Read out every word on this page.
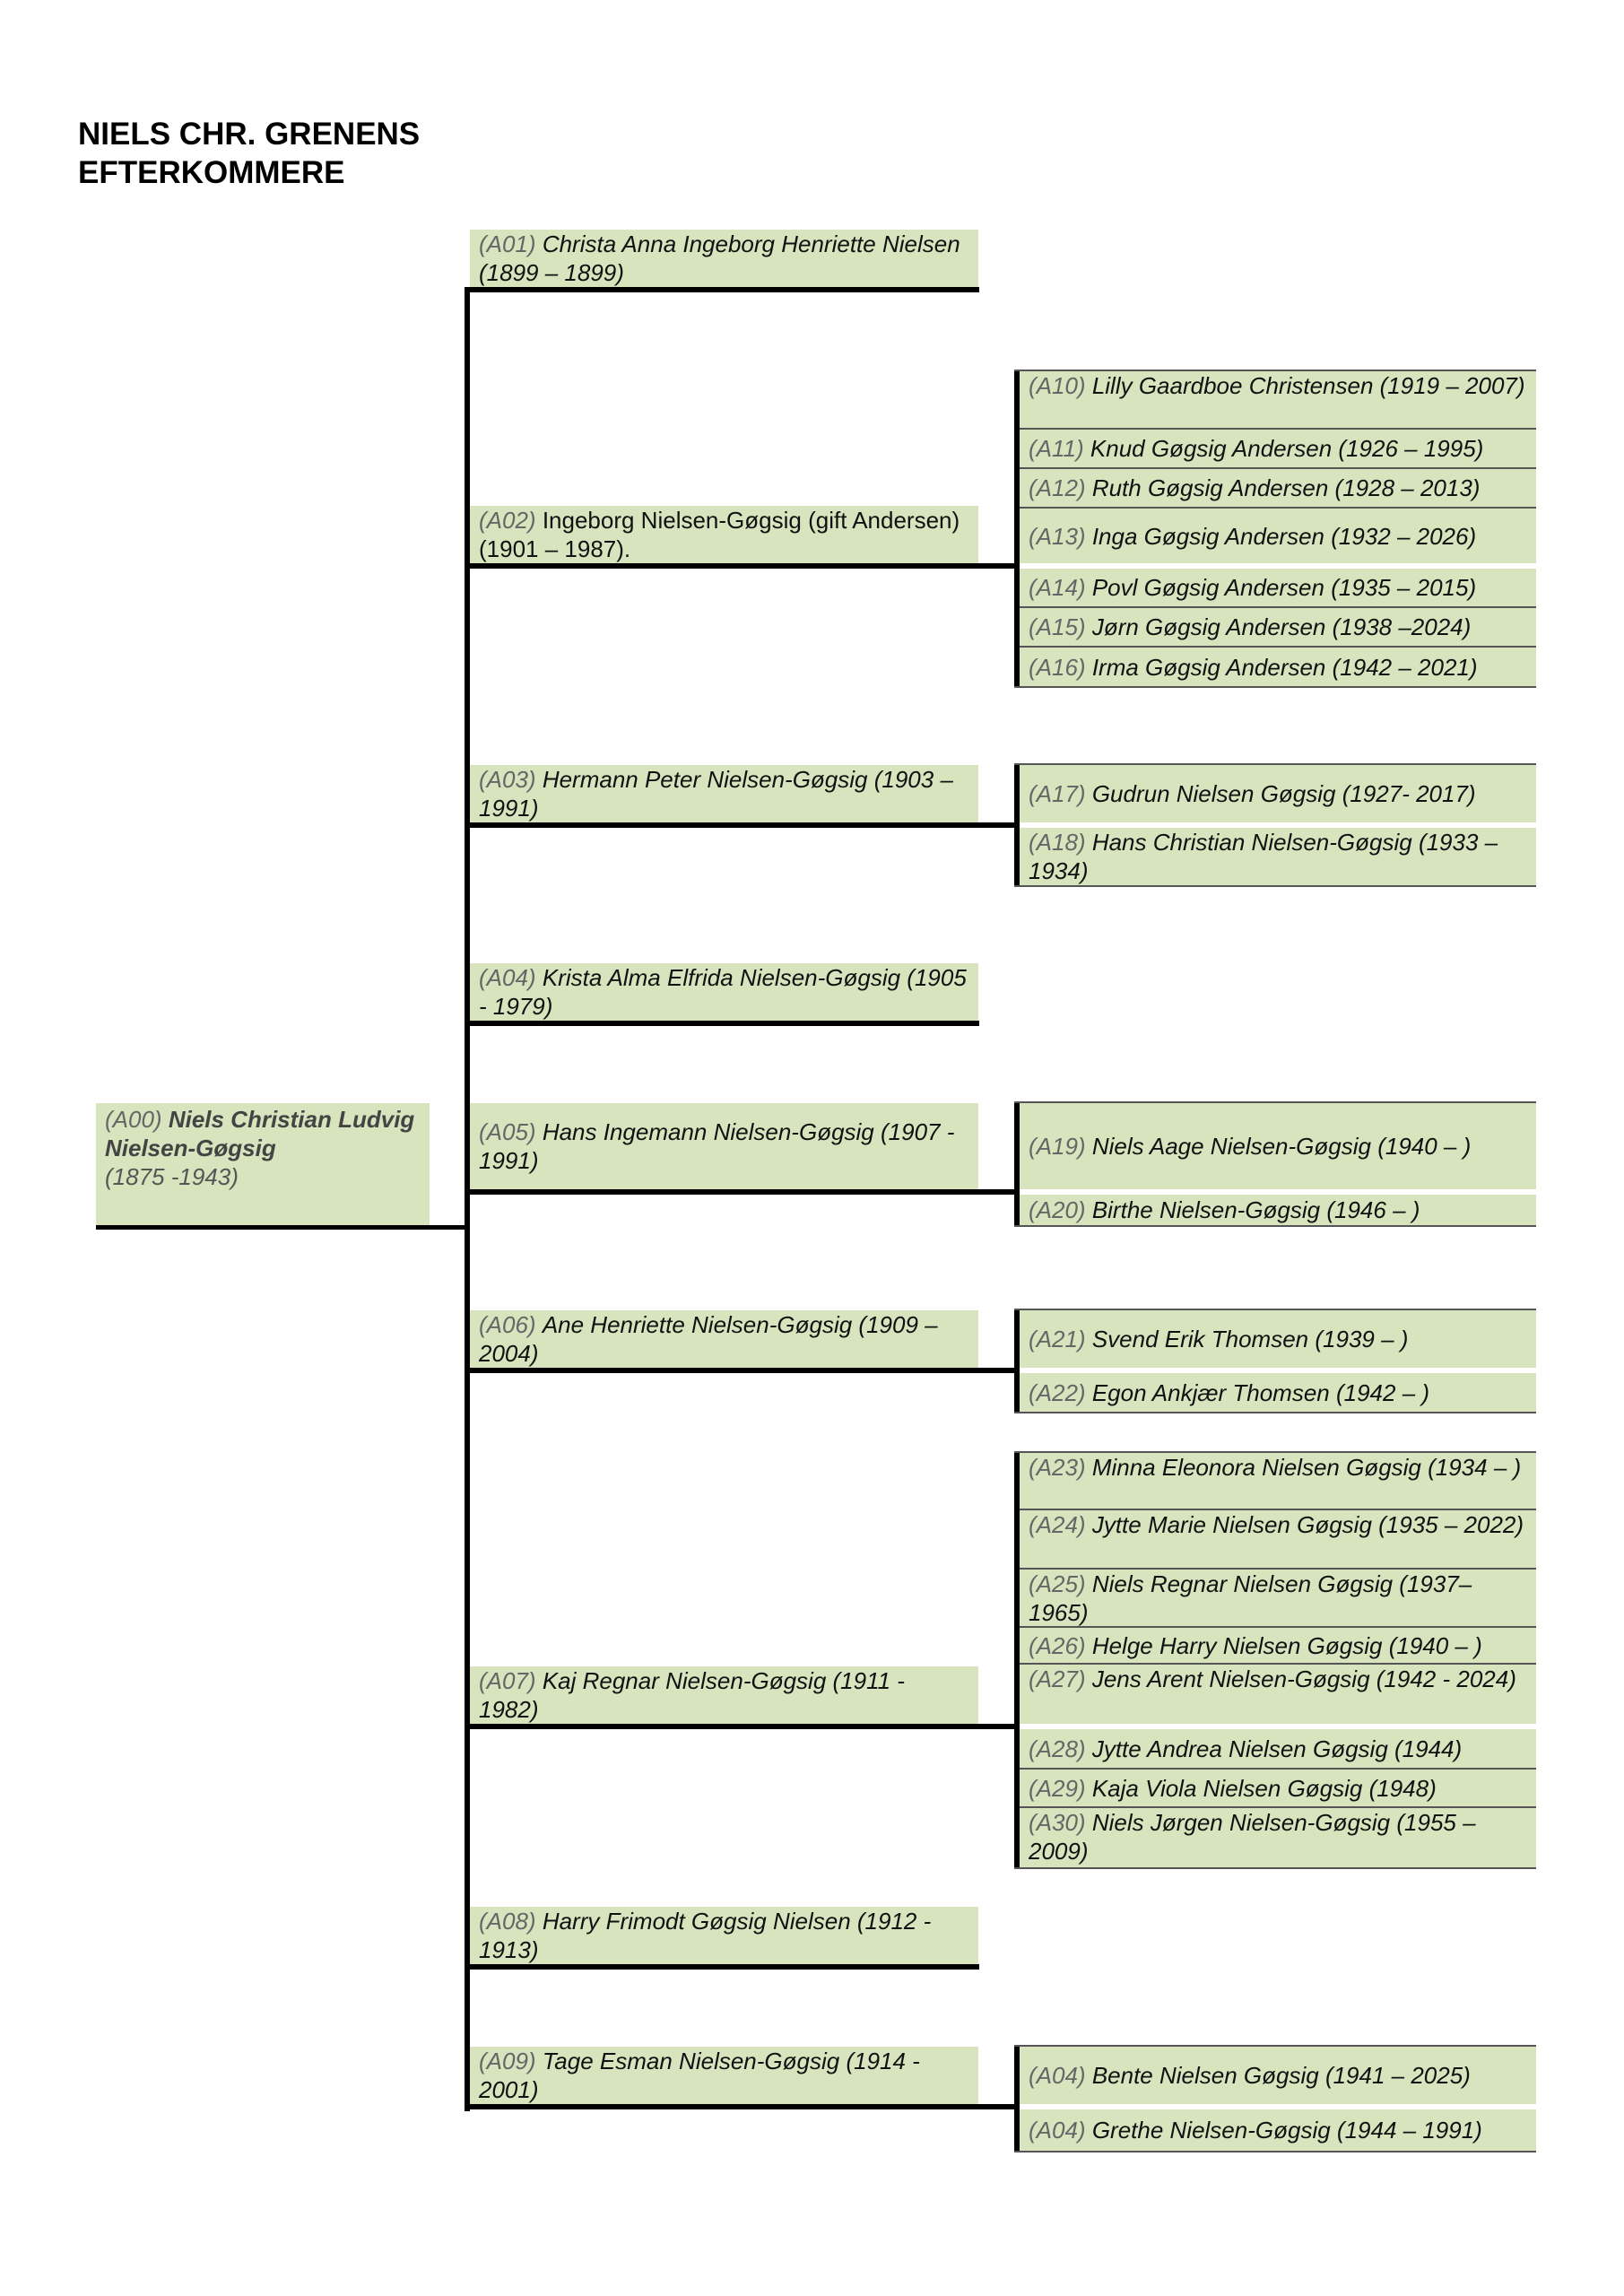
NIELS CHR. GRENENS
EFTERKOMMERE
(A00) Niels Christian Ludvig Nielsen-Gøgsig
(1875 -1943)
(A01) Christa Anna Ingeborg Henriette Nielsen (1899 – 1899)
(A02) Ingeborg Nielsen-Gøgsig (gift Andersen) (1901 – 1987).
(A03) Hermann Peter Nielsen-Gøgsig (1903 – 1991)
(A04) Krista Alma Elfrida Nielsen-Gøgsig (1905 - 1979)
(A05) Hans Ingemann Nielsen-Gøgsig (1907 - 1991)
(A06) Ane Henriette Nielsen-Gøgsig (1909 – 2004)
(A07) Kaj Regnar Nielsen-Gøgsig (1911 - 1982)
(A08) Harry Frimodt Gøgsig Nielsen (1912 - 1913)
(A09) Tage Esman Nielsen-Gøgsig (1914 - 2001)
(A10) Lilly Gaardboe Christensen (1919 – 2007)
(A11) Knud Gøgsig Andersen (1926 – 1995)
(A12) Ruth Gøgsig Andersen (1928 – 2013)
(A13) Inga Gøgsig Andersen (1932 – 2026)
(A14) Povl Gøgsig Andersen (1935 – 2015)
(A15) Jørn Gøgsig Andersen (1938 –2024)
(A16) Irma Gøgsig Andersen (1942 – 2021)
(A17) Gudrun Nielsen Gøgsig (1927- 2017)
(A18) Hans Christian Nielsen-Gøgsig (1933 – 1934)
(A19) Niels Aage Nielsen-Gøgsig (1940 – )
(A20) Birthe Nielsen-Gøgsig (1946 – )
(A21) Svend Erik Thomsen (1939 – )
(A22) Egon Ankjær Thomsen (1942 – )
(A23) Minna Eleonora Nielsen Gøgsig (1934 – )
(A24) Jytte Marie Nielsen Gøgsig (1935 – 2022)
(A25) Niels Regnar Nielsen Gøgsig (1937– 1965)
(A26) Helge Harry Nielsen Gøgsig (1940 – )
(A27) Jens Arent Nielsen-Gøgsig (1942 - 2024)
(A28) Jytte Andrea Nielsen Gøgsig (1944)
(A29) Kaja Viola Nielsen Gøgsig (1948)
(A30) Niels Jørgen Nielsen-Gøgsig (1955 – 2009)
(A04) Bente Nielsen Gøgsig (1941 – 2025)
(A04) Grethe Nielsen-Gøgsig (1944 – 1991)
